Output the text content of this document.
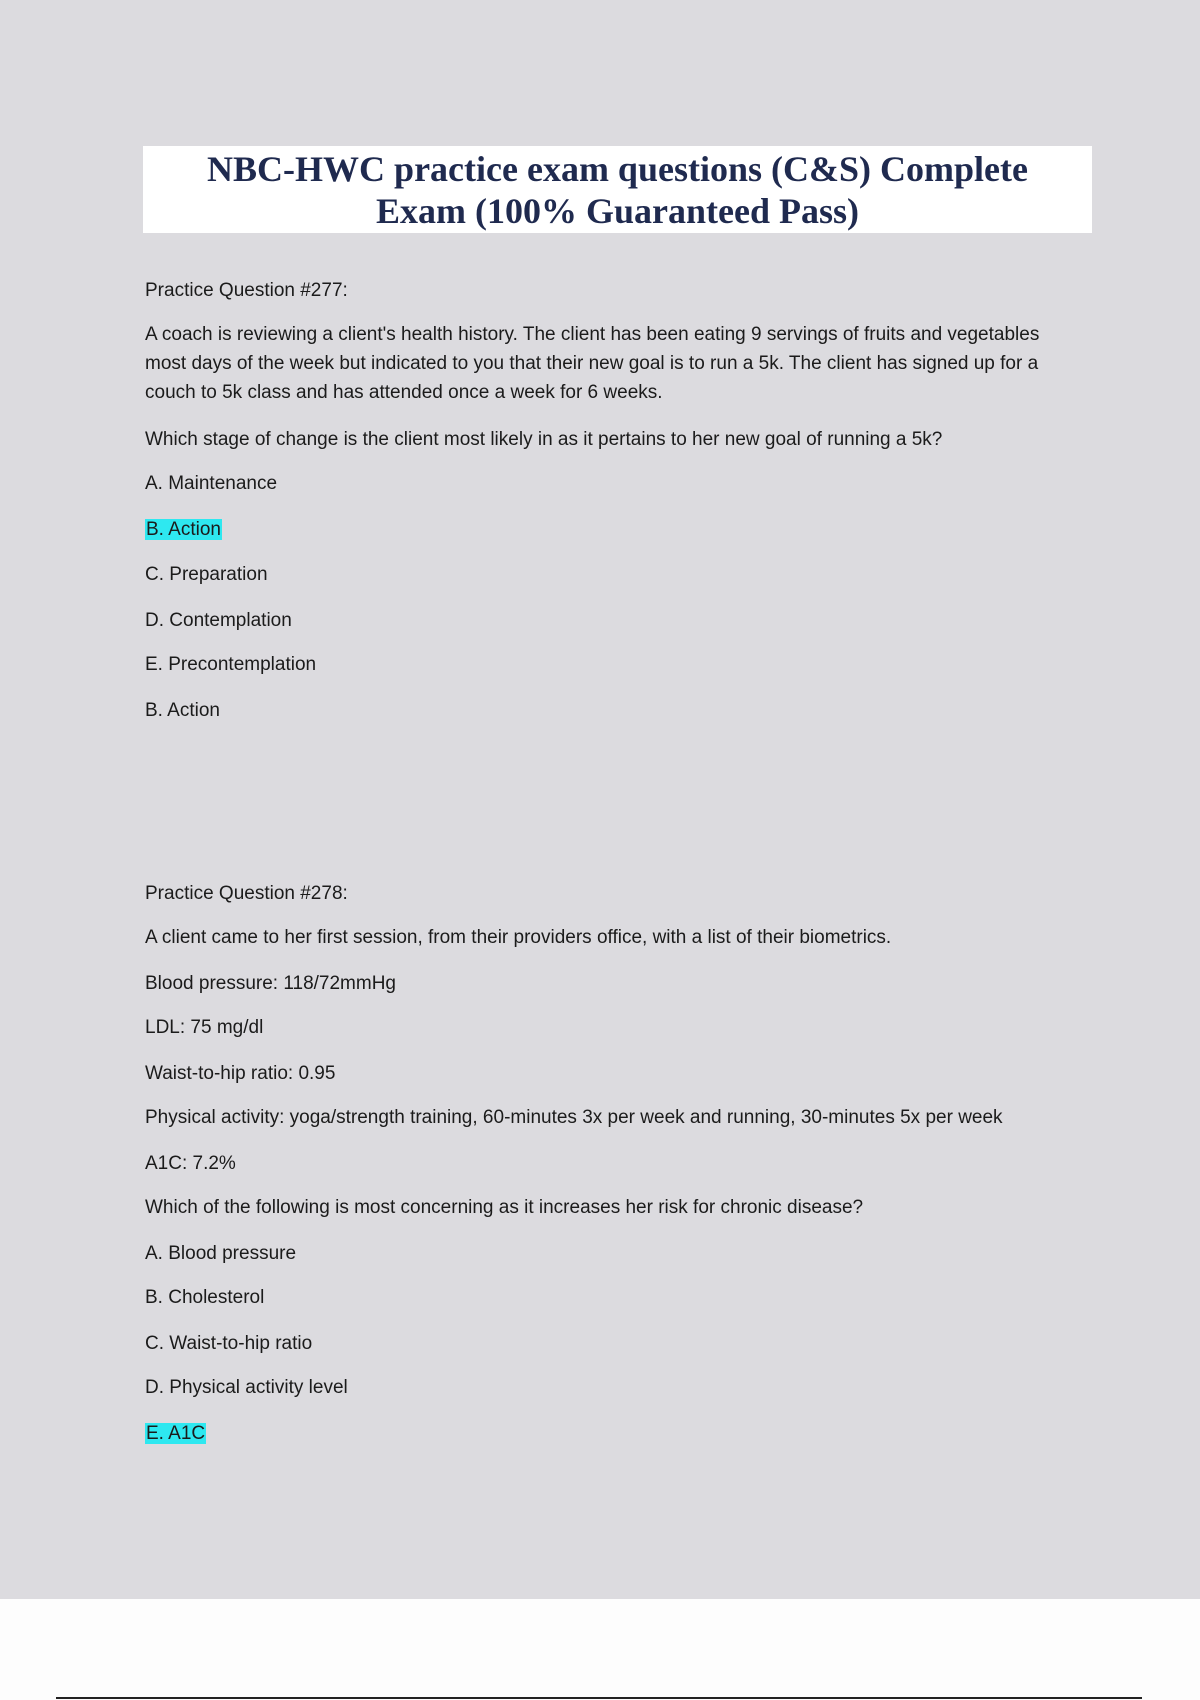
NBC-HWC practice exam questions (C&S) Complete Exam (100% Guaranteed Pass)
Practice Question #277:
A coach is reviewing a client's health history. The client has been eating 9 servings of fruits and vegetables most days of the week but indicated to you that their new goal is to run a 5k. The client has signed up for a couch to 5k class and has attended once a week for 6 weeks.
Which stage of change is the client most likely in as it pertains to her new goal of running a 5k?
A. Maintenance
B. Action
C. Preparation
D. Contemplation
E. Precontemplation
B. Action
Practice Question #278:
A client came to her first session, from their providers office, with a list of their biometrics.
Blood pressure: 118/72mmHg
LDL: 75 mg/dl
Waist-to-hip ratio: 0.95
Physical activity: yoga/strength training, 60-minutes 3x per week and running, 30-minutes 5x per week
A1C: 7.2%
Which of the following is most concerning as it increases her risk for chronic disease?
A. Blood pressure
B. Cholesterol
C. Waist-to-hip ratio
D. Physical activity level
E. A1C
